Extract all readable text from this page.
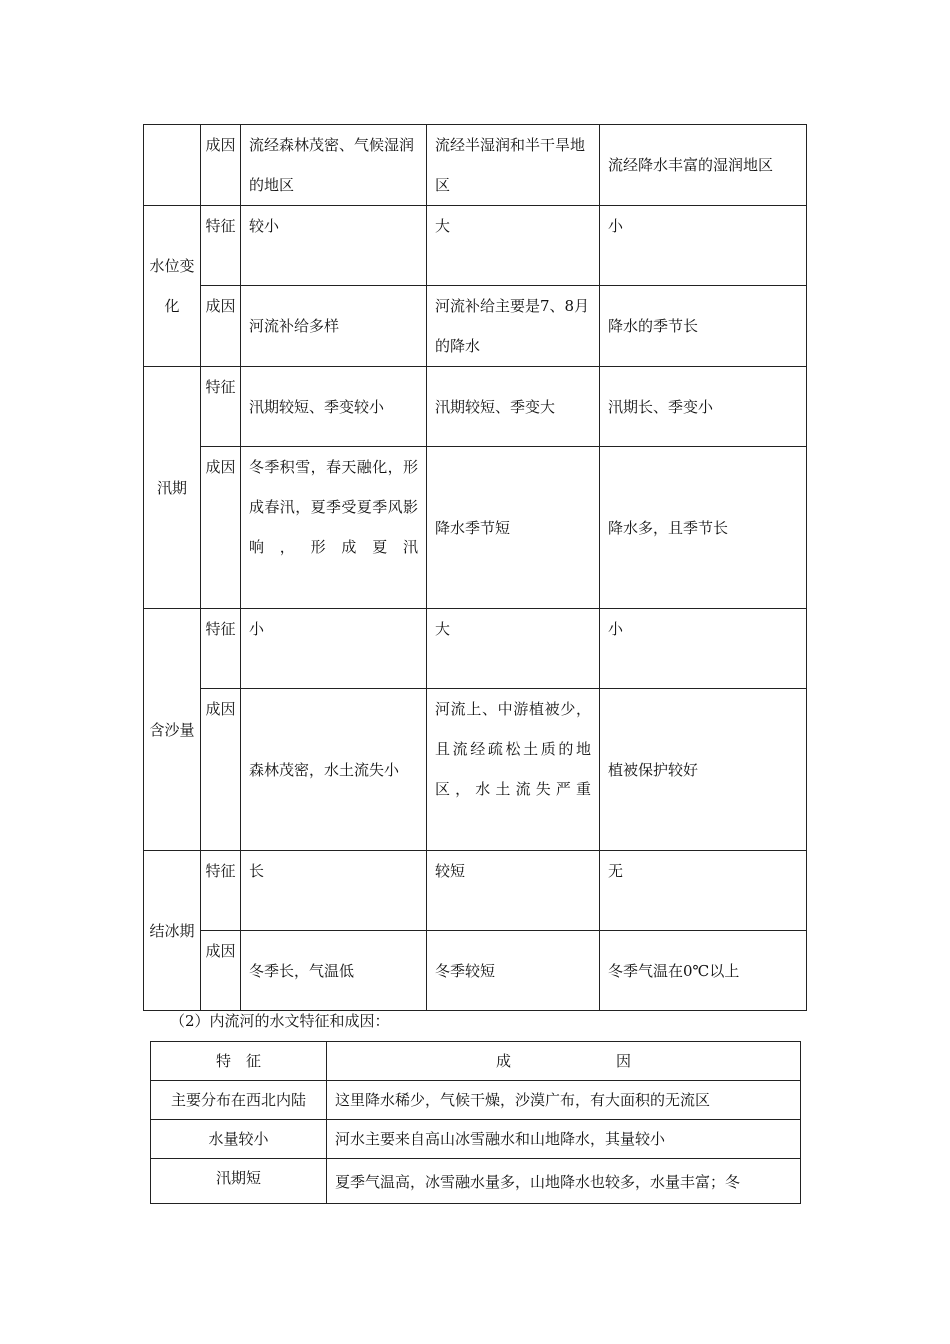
	成因	流经森林茂密、气候湿润的地区	流经半湿润和半干旱地区	流经降水丰富的湿润地区
水位变化	特征	较小	大	小
	成因	河流补给多样	河流补给主要是7、8月的降水	降水的季节长
汛期	特征	汛期较短、季变较小	汛期较短、季变大	汛期长、季变小
	成因	冬季积雪，春天融化，形成春汛，夏季受夏季风影响，形成夏汛	降水季节短	降水多，且季节长
含沙量	特征	小	大	小
	成因	森林茂密，水土流失小	河流上、中游植被少，且流经疏松土质的地区，水土流失严重	植被保护较好
结冰期	特征	长	较短	无
	成因	冬季长，气温低	冬季较短	冬季气温在0℃以上
（2）内流河的水文特征和成因：
特　征	成　　　　　　　因
主要分布在西北内陆	这里降水稀少，气候干燥，沙漠广布，有大面积的无流区
水量较小	河水主要来自高山冰雪融水和山地降水，其量较小
汛期短	夏季气温高，冰雪融水量多，山地降水也较多，水量丰富；冬
